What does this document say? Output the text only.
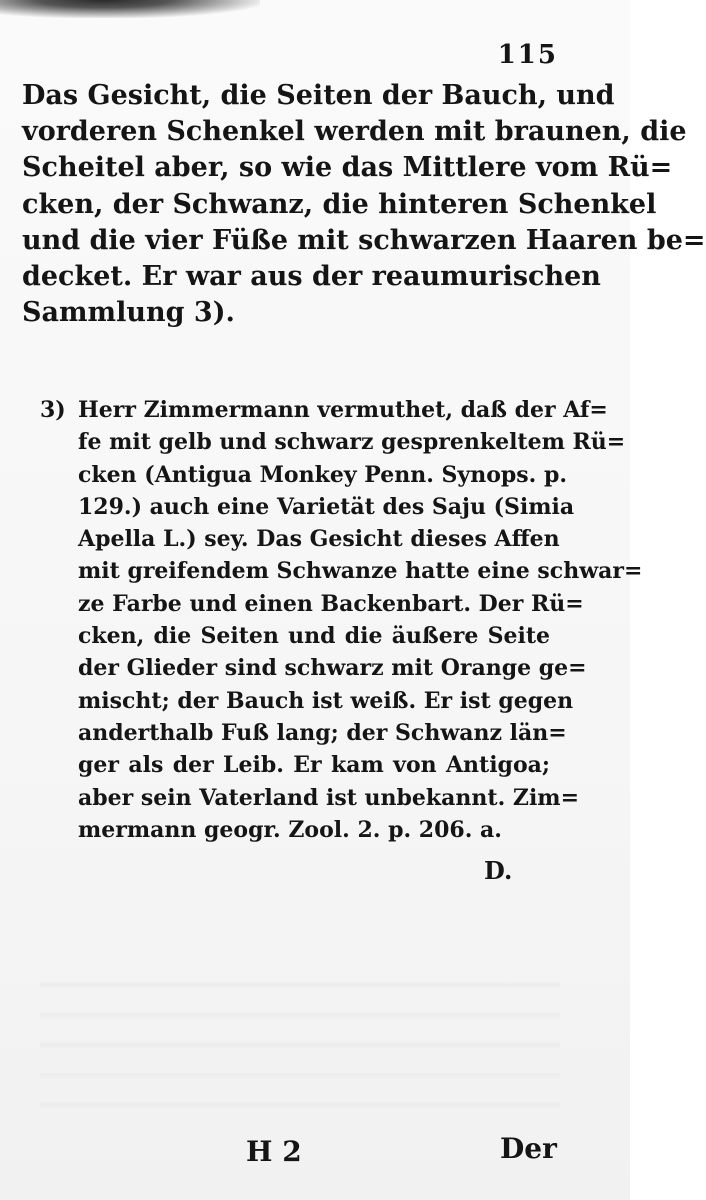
115
Das Gesicht, die Seiten der Bauch, und
vorderen Schenkel werden mit braunen, die
Scheitel aber, so wie das Mittlere vom Rü=
cken, der Schwanz, die hinteren Schenkel
und die vier Füße mit schwarzen Haaren be=
decket. Er war aus der reaumurischen
Sammlung 3).
3) Herr Zimmermann vermuthet, daß der Af=
fe mit gelb und schwarz gesprenkeltem Rü=
cken (Antigua Monkey Penn. Synops. p.
129.) auch eine Varietät des Saju (Simia
Apella L.) sey. Das Gesicht dieses Affen
mit greifendem Schwanze hatte eine schwar=
ze Farbe und einen Backenbart. Der Rü=
cken, die Seiten und die äußere Seite
der Glieder sind schwarz mit Orange ge=
mischt; der Bauch ist weiß. Er ist gegen
anderthalb Fuß lang; der Schwanz län=
ger als der Leib. Er kam von Antigoa;
aber sein Vaterland ist unbekannt. Zim=
mermann geogr. Zool. 2. p. 206. a.
D.
H 2	Der
